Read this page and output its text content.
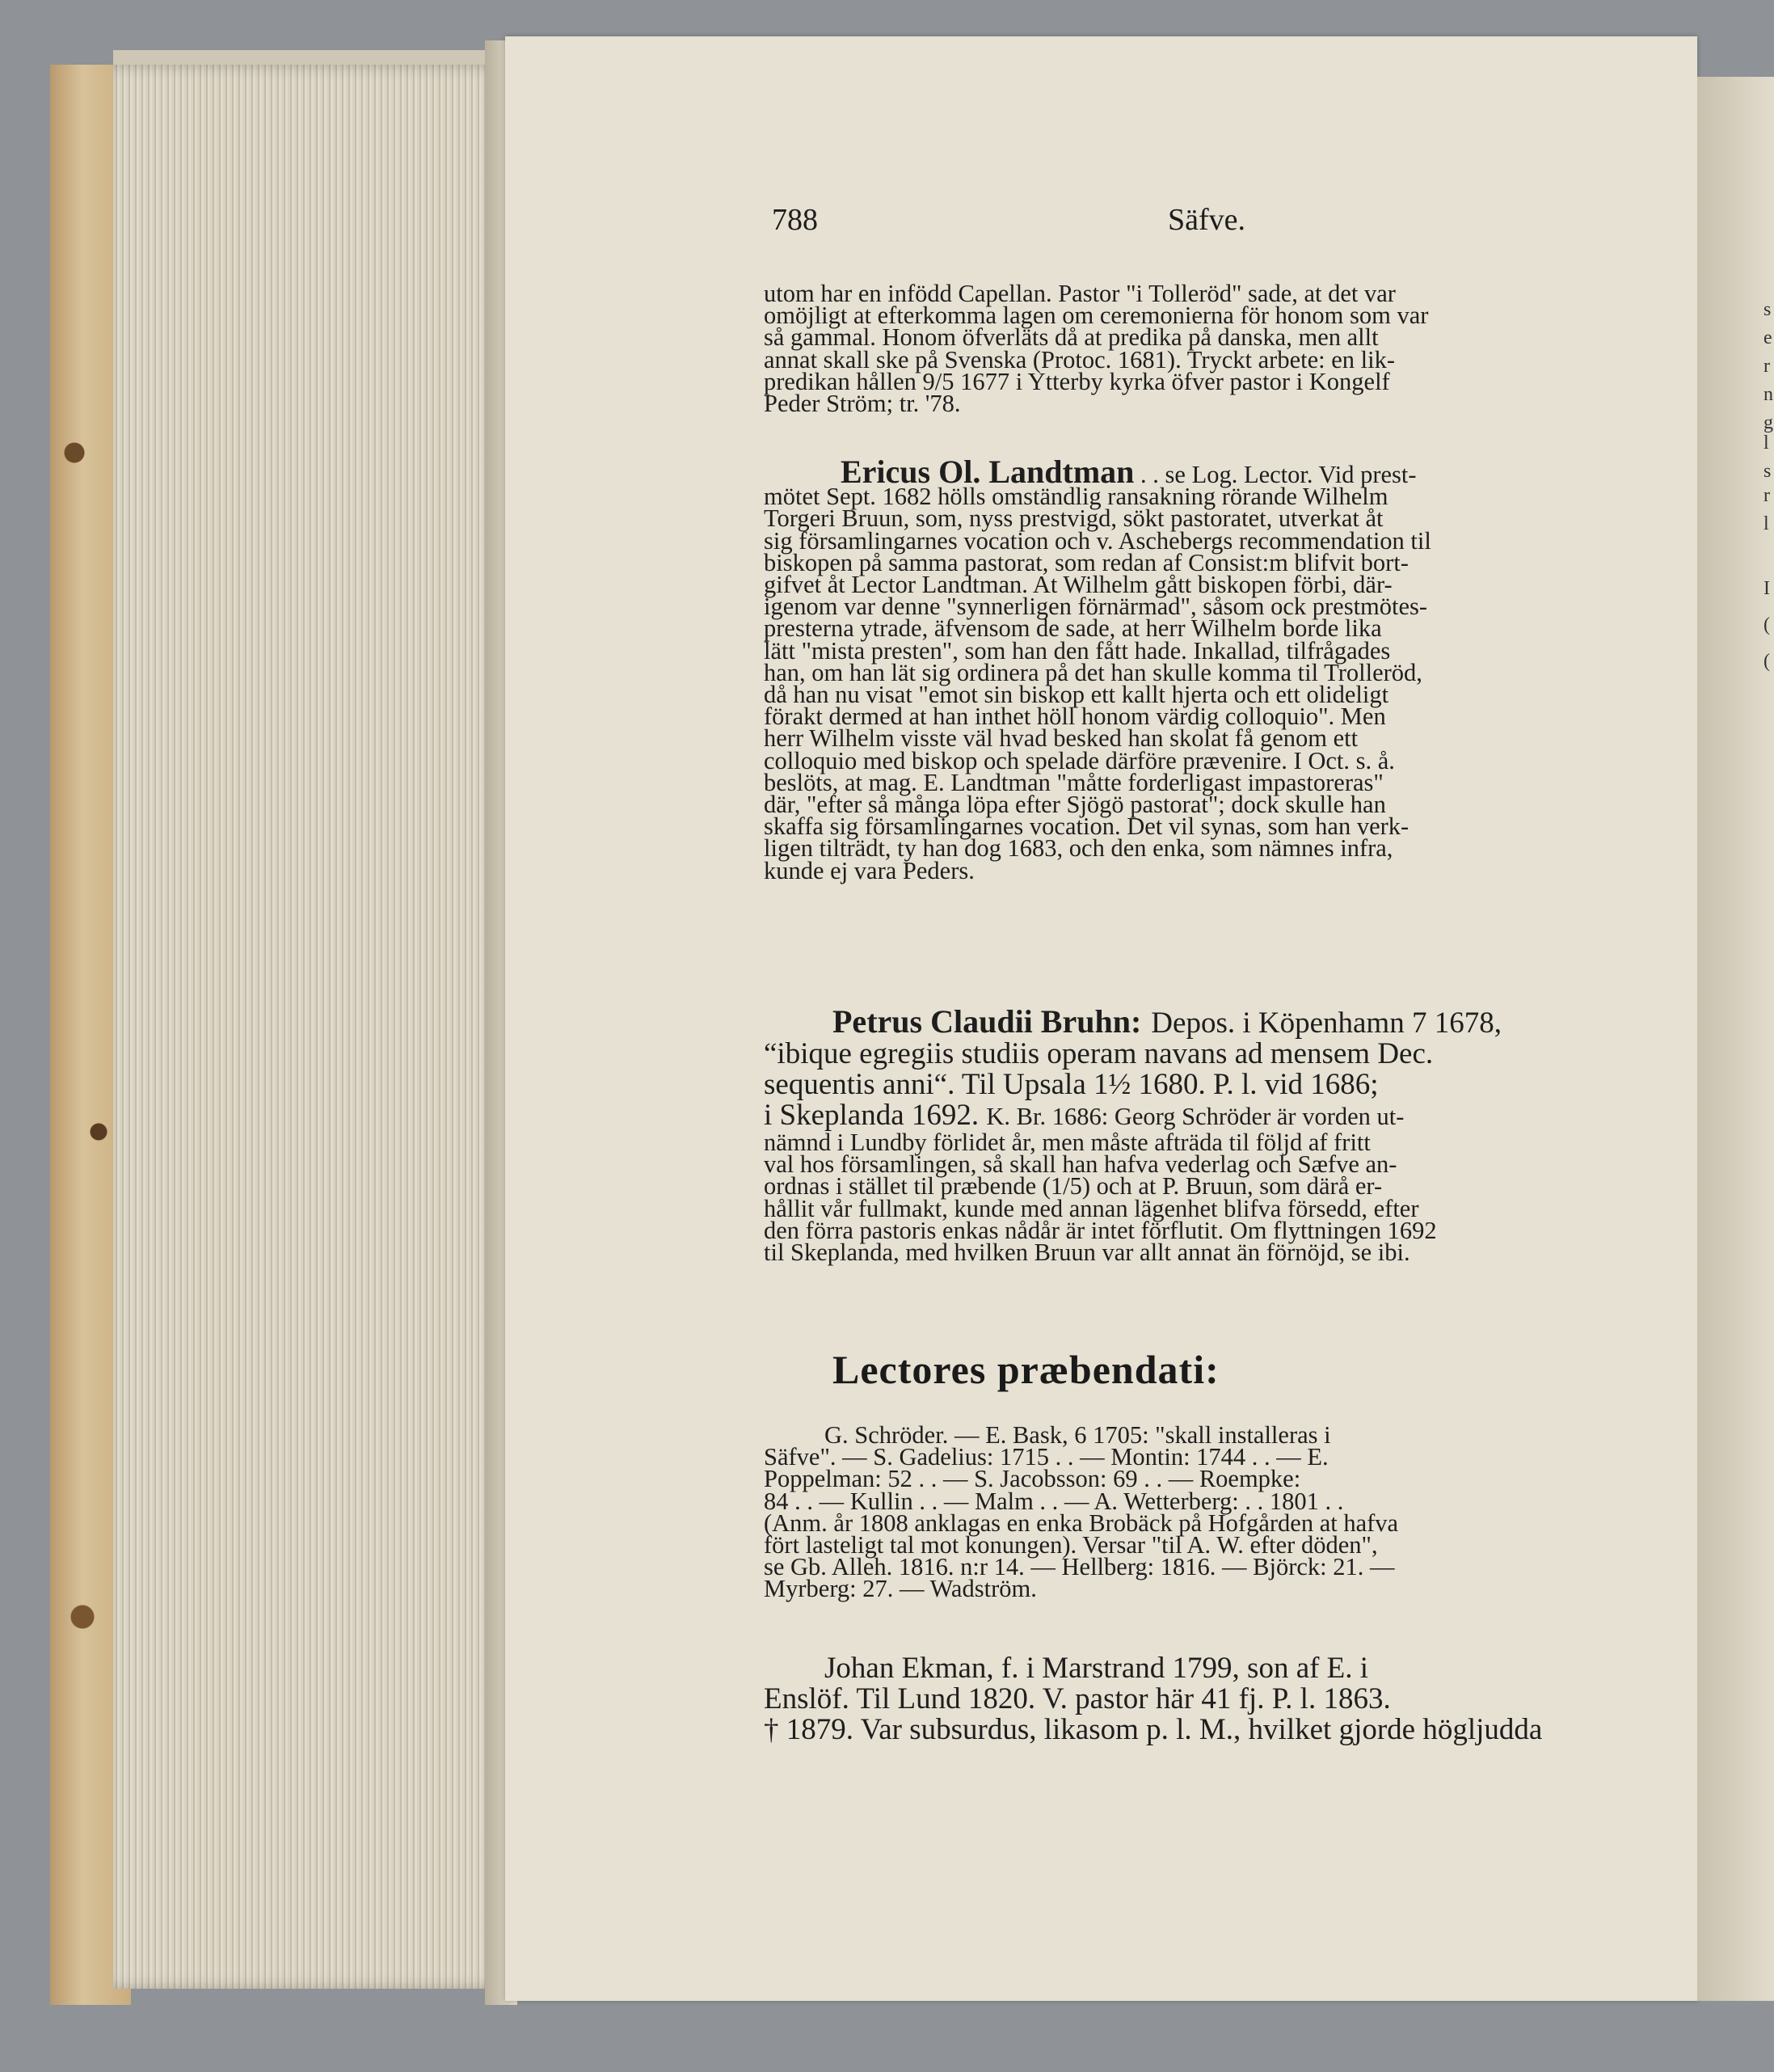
s
e
r
n
g
l
s
r
l
I
(
(
788	Säfve.
utom har en infödd Capellan. Pastor "i Tolleröd" sade, at det var
omöjligt at efterkomma lagen om ceremonierna för honom som var
så gammal. Honom öfverläts då at predika på danska, men allt
annat skall ske på Svenska (Protoc. 1681). Tryckt arbete: en lik-
predikan hållen 9/5 1677 i Ytterby kyrka öfver pastor i Kongelf
Peder Ström; tr. '78.
Ericus Ol. Landtman . . se Log. Lector. Vid prest-
mötet Sept. 1682 hölls omständlig ransakning rörande Wilhelm
Torgeri Bruun, som, nyss prestvigd, sökt pastoratet, utverkat åt
sig församlingarnes vocation och v. Aschebergs recommendation til
biskopen på samma pastorat, som redan af Consist:m blifvit bort-
gifvet åt Lector Landtman. At Wilhelm gått biskopen förbi, där-
igenom var denne "synnerligen förnärmad", såsom ock prestmötes-
presterna ytrade, äfvensom de sade, at herr Wilhelm borde lika
lätt "mista presten", som han den fått hade. Inkallad, tilfrågades
han, om han lät sig ordinera på det han skulle komma til Trolleröd,
då han nu visat "emot sin biskop ett kallt hjerta och ett olideligt
förakt dermed at han inthet höll honom värdig colloquio". Men
herr Wilhelm visste väl hvad besked han skolat få genom ett
colloquio med biskop och spelade därföre prævenire. I Oct. s. å.
beslöts, at mag. E. Landtman "måtte forderligast impastoreras"
där, "efter så många löpa efter Sjögö pastorat"; dock skulle han
skaffa sig församlingarnes vocation. Det vil synas, som han verk-
ligen tilträdt, ty han dog 1683, och den enka, som nämnes infra,
kunde ej vara Peders.
Petrus Claudii Bruhn: Depos. i Köpenhamn 7 1678,
“ibique egregiis studiis operam navans ad mensem Dec.
sequentis anni“. Til Upsala 1½ 1680. P. l. vid 1686;
i Skeplanda 1692. K. Br. 1686: Georg Schröder är vorden ut-
nämnd i Lundby förlidet år, men måste afträda til följd af fritt
val hos församlingen, så skall han hafva vederlag och Sæfve an-
ordnas i stället til præbende (1/5) och at P. Bruun, som därå er-
hållit vår fullmakt, kunde med annan lägenhet blifva försedd, efter
den förra pastoris enkas nådår är intet förflutit. Om flyttningen 1692
til Skeplanda, med hvilken Bruun var allt annat än förnöjd, se ibi.
Lectores præbendati:
G. Schröder. — E. Bask, 6 1705: "skall installeras i
Säfve". — S. Gadelius: 1715 . . — Montin: 1744 . . — E.
Poppelman: 52 . . — S. Jacobsson: 69 . . — Roempke:
84 . . — Kullin . . — Malm . . — A. Wetterberg: . . 1801 . .
(Anm. år 1808 anklagas en enka Brobäck på Hofgården at hafva
fört lasteligt tal mot konungen). Versar "til A. W. efter döden",
se Gb. Alleh. 1816. n:r 14. — Hellberg: 1816. — Björck: 21. —
Myrberg: 27. — Wadström.
Johan Ekman, f. i Marstrand 1799, son af E. i
Enslöf. Til Lund 1820. V. pastor här 41 fj. P. l. 1863.
† 1879. Var subsurdus, likasom p. l. M., hvilket gjorde högljudda
